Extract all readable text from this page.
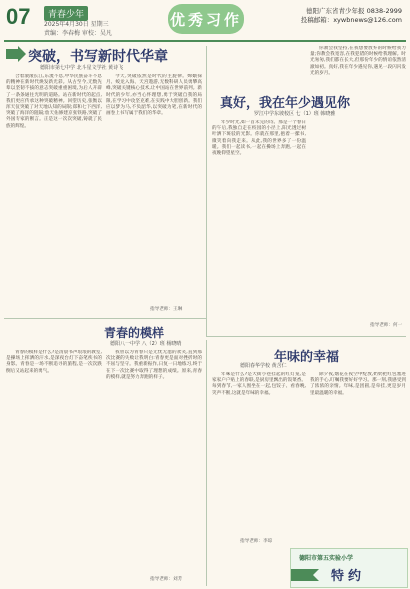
07	青春少年
2025年4月30日 星期三
责编：李春梅 审校：吴凡
优秀习作	德阳广东省青少年报 0838-2999
投稿邮箱：xywbnews@126.com
突破，书写新时代华章
德阳市第七中学 北斗星文学社 黄诗飞

合着滚滚长江,东流不息,中华民族奋斗不息的精神在新时代焕发新光彩。从古至今,无数先辈以坚韧不拔的意志突破重重困境,为后人开辟了一条条通往光明的道路。站在新时代的起点,我们更应传承这种突破精神。回望历史,张衡以浑天仪突破了对天地认知的局限;郑和七下西洋,突破了海洋的阻隔;詹天佑修建京张铁路,突破了外国专家的断言。正是这一次次突破,铸就了民族的辉煌。

今天,突破依然是时代的主旋律。嫦娥探月、蛟龙入海、天宫遨游,无数科研人员勇攀高峰,突破关键核心技术,让中国站在世界前列。新时代的少年,亦当心怀理想,勇于突破自我的局限,在学习中攻坚克难,在实践中大胆创新。我们应以梦为马,不负韶华,以突破为笔,在新时代的画卷上书写属于我们的华章。

指导老师：王琳
真好，我在年少遇见你
罗江中学东坡校区 七（1）班 韩晓雅

年少时光,如一首未完的诗。那是一个春日的午后,我独自走在校园的小径上,阳光透过树叶洒下斑驳的光影。你就在那里,抱着一摞书,微笑着向我走来。从此,我的世界多了一份温暖。我们一起读书,一起在操场上奔跑,一起在夜晚仰望星空。

你教会我坚持,在我想要放弃的时候给我力量;你教会我宽容,在我犯错的时候给我理解。时光匆匆,我们都在长大,但那份年少的情谊依然清澈如初。真好,我在年少遇见你,遇见一段闪闪发光的岁月。

指导老师：何一
青春的模样
德阳八一中学 八（2）班 杨晓晴

青春的模样是什么?是清晨书声琅琅的教室,是操场上挥洒的汗水,是深夜台灯下奋笔疾书的身影。青春是一场不断追寻的旅程,是一次次跌倒后又站起来的勇气。

我曾以为青春只是无忧无虑的欢笑,直到那次比赛的失败让我明白:青春更是面对挫折时的不屈与坚守。我重新振作,日复一日地练习,终于在下一次比赛中取得了理想的成绩。原来,青春的模样,就是努力奔跑的样子。

指导老师：刘芳
年味的幸福
德阳春华学校 黄含仁

年味是什么?是大街小巷挂起的红灯笼,是家家户户贴上的春联,是厨房里飘出的饭菜香。每到春节,一家人围坐在一起,包饺子、看春晚,笑声不断,这就是年味的幸福。

除夕夜,烟花在夜空中绽放,奶奶把红包塞进我的手心,叮嘱我要好好学习。那一刻,我感受到了浓浓的亲情。年味,是团圆,是牵挂,更是岁月里最温暖的幸福。

指导老师：李琼
德阳市第五实验小学
特约
